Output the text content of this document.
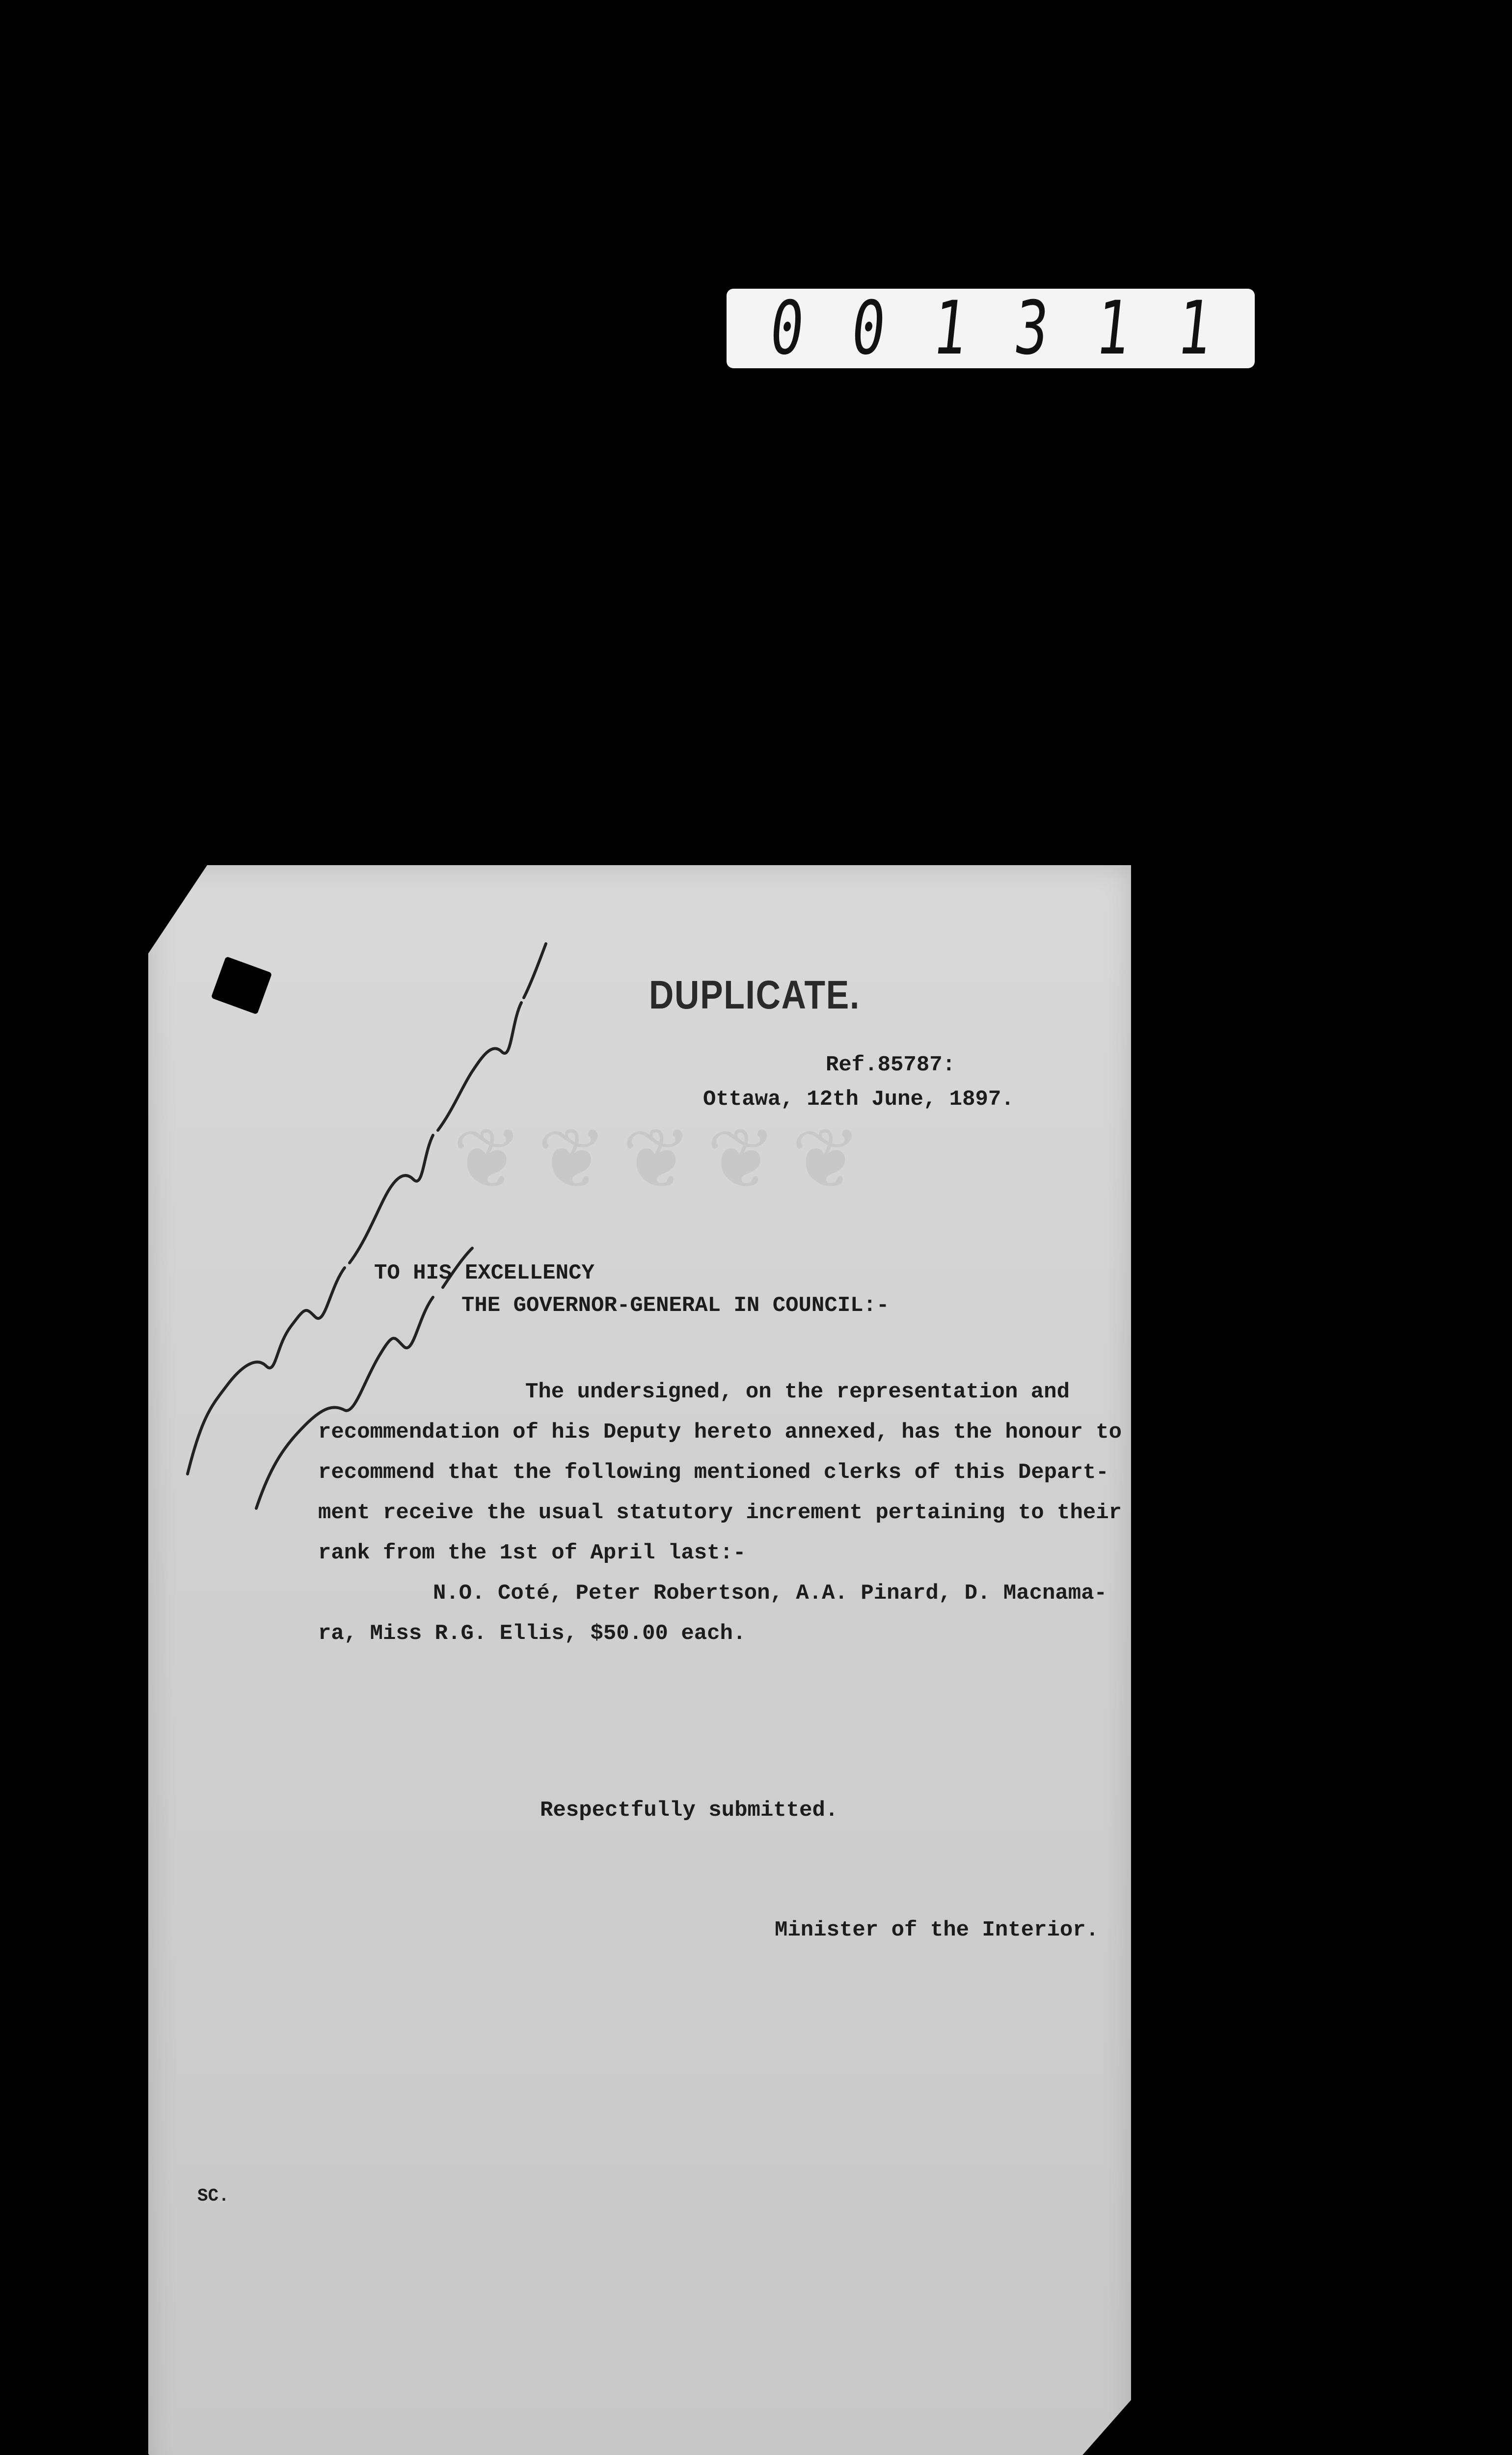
0 0 1 3 1 1
❦❦❦❦❦
DUPLICATE.
Ref.85787:
Ottawa, 12th June, 1897.
TO HIS EXCELLENCY
THE GOVERNOR-GENERAL IN COUNCIL:-
The undersigned, on the representation and
recommendation of his Deputy hereto annexed, has the honour to
recommend that the following mentioned clerks of this Depart-
ment receive the usual statutory increment pertaining to their
rank from the 1st of April last:-
N.O. Coté, Peter Robertson, A.A. Pinard, D. Macnama-
ra, Miss R.G. Ellis, $50.00 each.
Respectfully submitted.
Minister of the Interior.
SC.
